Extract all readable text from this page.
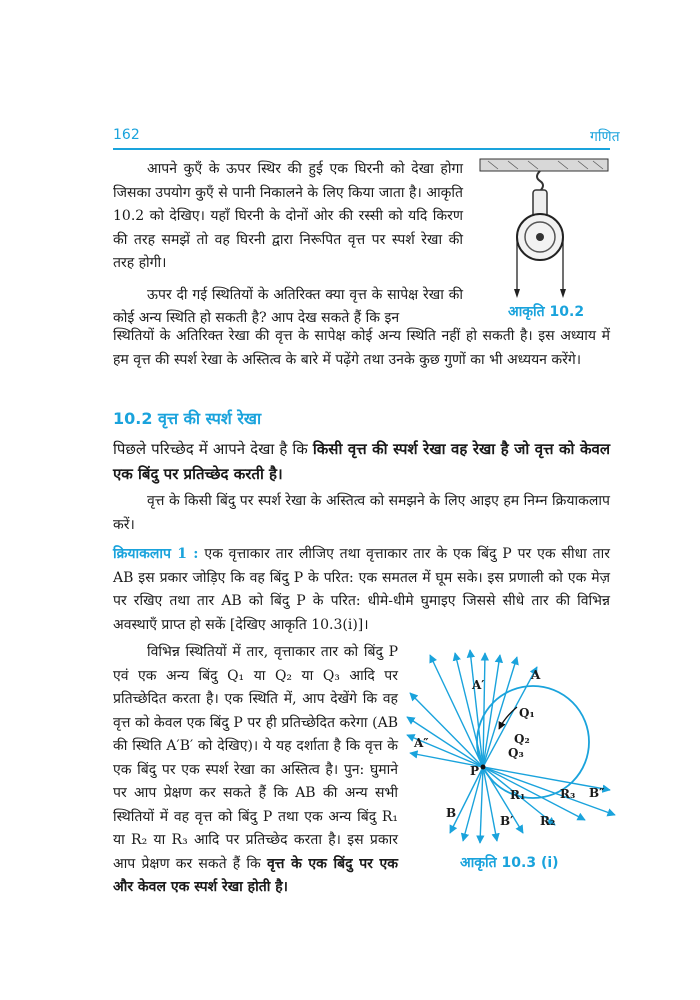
162	गणित

आपने कुएँ के ऊपर स्थिर की हुई एक घिरनी को देखा होगा जिसका उपयोग कुएँ से पानी निकालने के लिए किया जाता है। आकृति 10.2 को देखिए। यहाँ घिरनी के दोनों ओर की रस्सी को यदि किरण की तरह समझें तो वह घिरनी द्वारा निरूपित वृत्त पर स्पर्श रेखा की तरह होगी।

ऊपर दी गई स्थितियों के अतिरिक्त क्या वृत्त के सापेक्ष रेखा की कोई अन्य स्थिति हो सकती है? आप देख सकते हैं कि इन

स्थितियों के अतिरिक्त रेखा की वृत्त के सापेक्ष कोई अन्य स्थिति नहीं हो सकती है। इस अध्याय में हम वृत्त की स्पर्श रेखा के अस्तित्व के बारे में पढ़ेंगे तथा उनके कुछ गुणों का भी अध्ययन करेंगे।
आकृति 10.2
10.2 वृत्त की स्पर्श रेखा
पिछले परिच्छेद में आपने देखा है कि किसी वृत्त की स्पर्श रेखा वह रेखा है जो वृत्त को केवल एक बिंदु पर प्रतिच्छेद करती है।
वृत्त के किसी बिंदु पर स्पर्श रेखा के अस्तित्व को समझने के लिए आइए हम निम्न क्रियाकलाप करें।
क्रियाकलाप 1 : एक वृत्ताकार तार लीजिए तथा वृत्ताकार तार के एक बिंदु P पर एक सीधा तार AB इस प्रकार जोड़िए कि वह बिंदु P के परित: एक समतल में घूम सके। इस प्रणाली को एक मेज़ पर रखिए तथा तार AB को बिंदु P के परित: धीमे-धीमे घुमाइए जिससे सीधे तार की विभिन्न अवस्थाएँ प्राप्त हो सकें [देखिए आकृति 10.3(i)]।
विभिन्न स्थितियों में तार, वृत्ताकार तार को बिंदु P एवं एक अन्य बिंदु Q₁ या Q₂ या Q₃ आदि पर प्रतिच्छेदित करता है। एक स्थिति में, आप देखेंगे कि वह वृत्त को केवल एक बिंदु P पर ही प्रतिच्छेदित करेगा (AB की स्थिति A′B′ को देखिए)। ये यह दर्शाता है कि वृत्त के एक बिंदु पर एक स्पर्श रेखा का अस्तित्व है। पुन: घुमाने पर आप प्रेक्षण कर सकते हैं कि AB की अन्य सभी स्थितियों में वह वृत्त को बिंदु P तथा एक अन्य बिंदु R₁ या R₂ या R₃ आदि पर प्रतिच्छेद करता है। इस प्रकार आप प्रेक्षण कर सकते हैं कि वृत्त के एक बिंदु पर एक और केवल एक स्पर्श रेखा होती है।
A
A′
A″
Q₁
Q₂
Q₃
P
R₁
R₂
R₃ B″
B
B′
आकृति 10.3 (i)
